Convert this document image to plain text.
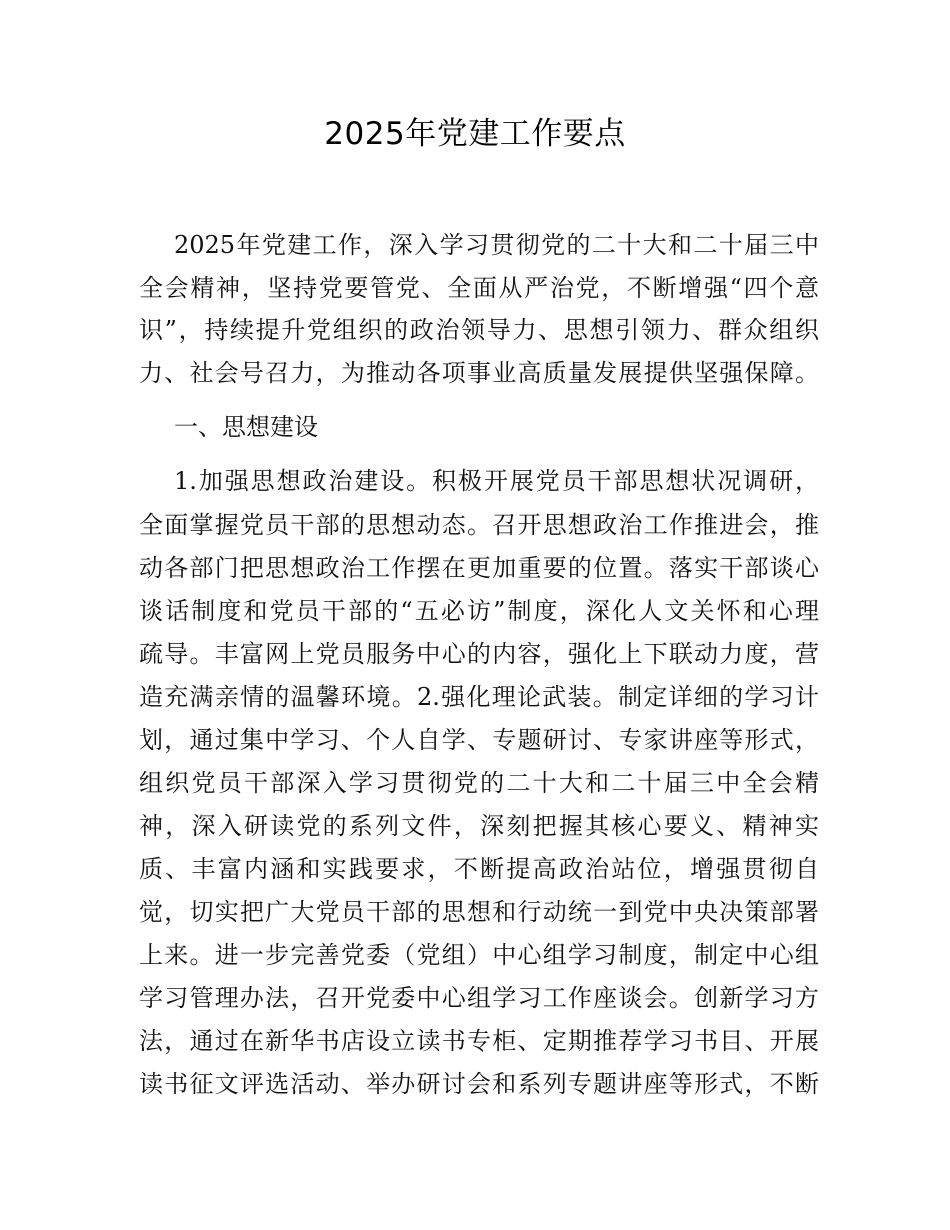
2025年党建工作要点
2025年党建工作，深入学习贯彻党的二十大和二十届三中
全会精神，坚持党要管党、全面从严治党，不断增强“四个意
识”，持续提升党组织的政治领导力、思想引领力、群众组织
力、社会号召力，为推动各项事业高质量发展提供坚强保障。
一、思想建设
1.加强思想政治建设。积极开展党员干部思想状况调研，
全面掌握党员干部的思想动态。召开思想政治工作推进会，推
动各部门把思想政治工作摆在更加重要的位置。落实干部谈心
谈话制度和党员干部的“五必访”制度，深化人文关怀和心理
疏导。丰富网上党员服务中心的内容，强化上下联动力度，营
造充满亲情的温馨环境。2.强化理论武装。制定详细的学习计
划，通过集中学习、个人自学、专题研讨、专家讲座等形式，
组织党员干部深入学习贯彻党的二十大和二十届三中全会精
神，深入研读党的系列文件，深刻把握其核心要义、精神实
质、丰富内涵和实践要求，不断提高政治站位，增强贯彻自
觉，切实把广大党员干部的思想和行动统一到党中央决策部署
上来。进一步完善党委（党组）中心组学习制度，制定中心组
学习管理办法，召开党委中心组学习工作座谈会。创新学习方
法，通过在新华书店设立读书专柜、定期推荐学习书目、开展
读书征文评选活动、举办研讨会和系列专题讲座等形式，不断
